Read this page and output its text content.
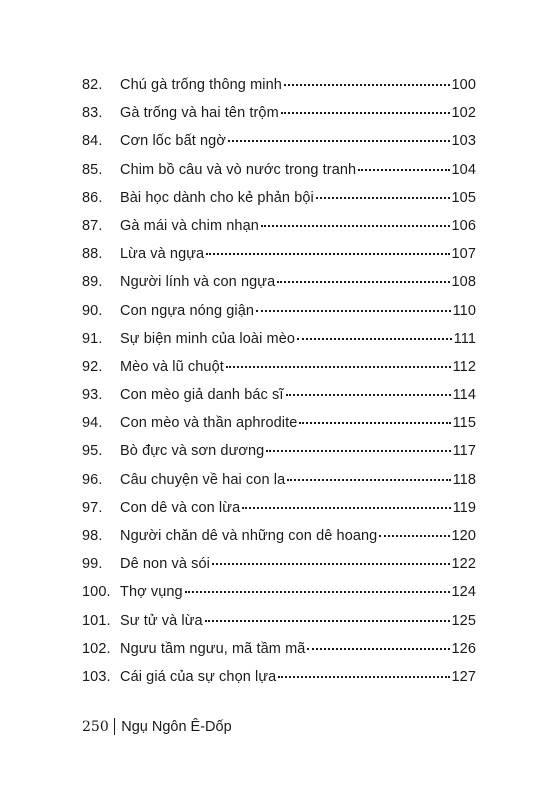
82.	Chú gà trống thông minh	100
83.	Gà trống và hai tên trộm	102
84.	Cơn lốc bất ngờ	103
85.	Chim bồ câu và vò nước trong tranh	104
86.	Bài học dành cho kẻ phản bội	105
87.	Gà mái và chim nhạn	106
88.	Lừa và ngựa	107
89.	Người lính và con ngựa	108
90.	Con ngựa nóng giận	110
91.	Sự biện minh của loài mèo	111
92.	Mèo và lũ chuột	112
93.	Con mèo giả danh bác sĩ	114
94.	Con mèo và thần aphrodite	115
95.	Bò đực và sơn dương	117
96.	Câu chuyện về hai con la	118
97.	Con dê và con lừa	119
98.	Người chăn dê và những con dê hoang	120
99.	Dê non và sói	122
100. Thợ vụng	124
101. Sư tử và lừa	125
102. Ngưu tầm ngưu, mã tầm mã	126
103. Cái giá của sự chọn lựa	127
250 Ngụ Ngôn Ê-Dốp
